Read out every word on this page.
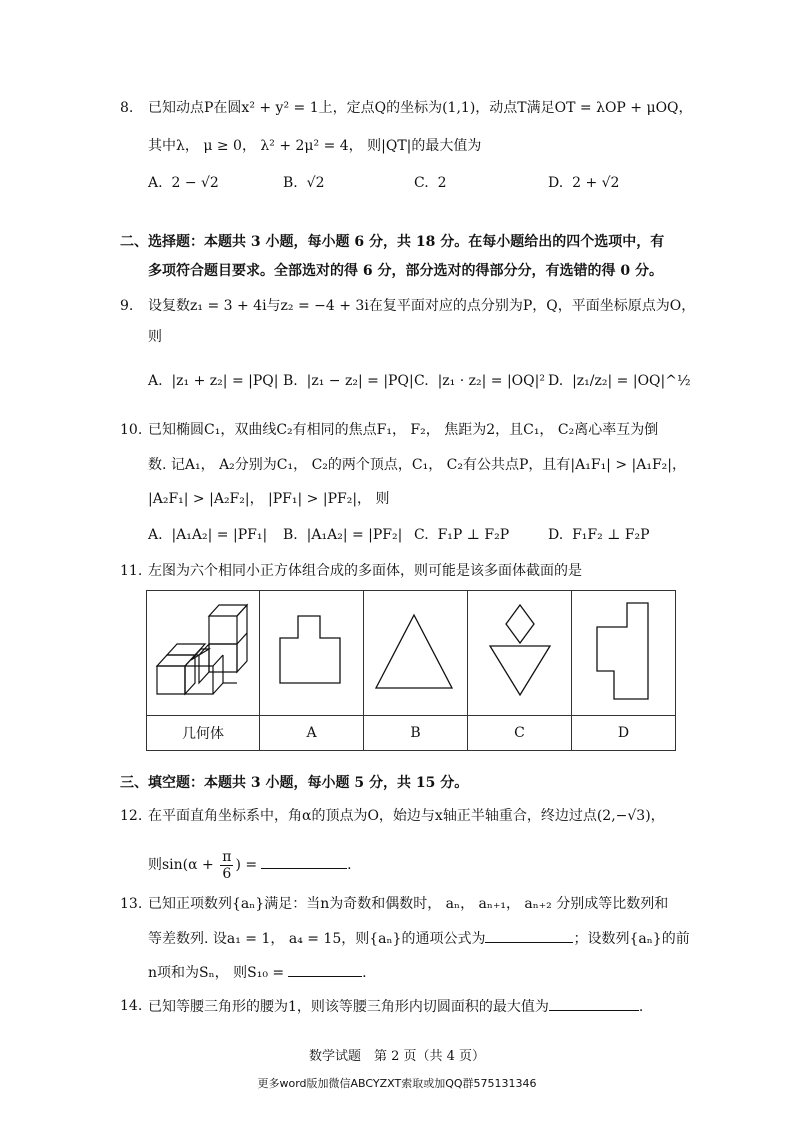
8. 已知动点P在圆x² + y² = 1上，定点Q的坐标为(1,1)，动点T满足OT = λOP + μOQ，
其中λ， μ ≥ 0， λ² + 2μ² = 4， 则|QT|的最大值为
A. 2 − √2	B. √2	C. 2	D. 2 + √2
二、选择题：本题共 3 小题，每小题 6 分，共 18 分。在每小题给出的四个选项中，有
多项符合题目要求。全部选对的得 6 分，部分选对的得部分分，有选错的得 0 分。
9. 设复数z₁ = 3 + 4i与z₂ = −4 + 3i在复平面对应的点分别为P，Q，平面坐标原点为O，
则
A. |z₁ + z₂| = |PQ| B. |z₁ − z₂| = |PQ| C. |z₁ · z₂| = |OQ|² D. |z₁/z₂| = |OQ|^½
10. 已知椭圆C₁，双曲线C₂有相同的焦点F₁， F₂， 焦距为2，且C₁， C₂离心率互为倒
数. 记A₁， A₂分别为C₁， C₂的两个顶点，C₁， C₂有公共点P，且有|A₁F₁| > |A₁F₂|，
|A₂F₁| > |A₂F₂|， |PF₁| > |PF₂|， 则
A. |A₁A₂| = |PF₁| B. |A₁A₂| = |PF₂| C. F₁P ⊥ F₂P	D. F₁F₂ ⊥ F₂P
11. 左图为六个相同小正方体组合成的多面体，则可能是该多面体截面的是

几何体	A	B	C	D
三、填空题：本题共 3 小题，每小题 5 分，共 15 分。
12. 在平面直角坐标系中，角α的顶点为O，始边与x轴正半轴重合，终边过点(2,−√3)，
则$\sin(\alpha + \frac{\pi}{6}$ ) =	.
13. 已知正项数列{aₙ}满足：当n为奇数和偶数时， aₙ， aₙ₊₁， aₙ₊₂ 分别成等比数列和
等差数列. 设a₁ = 1， a₄ = 15，则{aₙ}的通项公式为	；设数列{aₙ}的前
n项和为Sₙ， 则S₁₀ =	.
14. 已知等腰三角形的腰为1，则该等腰三角形内切圆面积的最大值为	.
数学试题　第 2 页（共 4 页）
更多word版加微信ABCYZXT索取或加QQ群575131346
